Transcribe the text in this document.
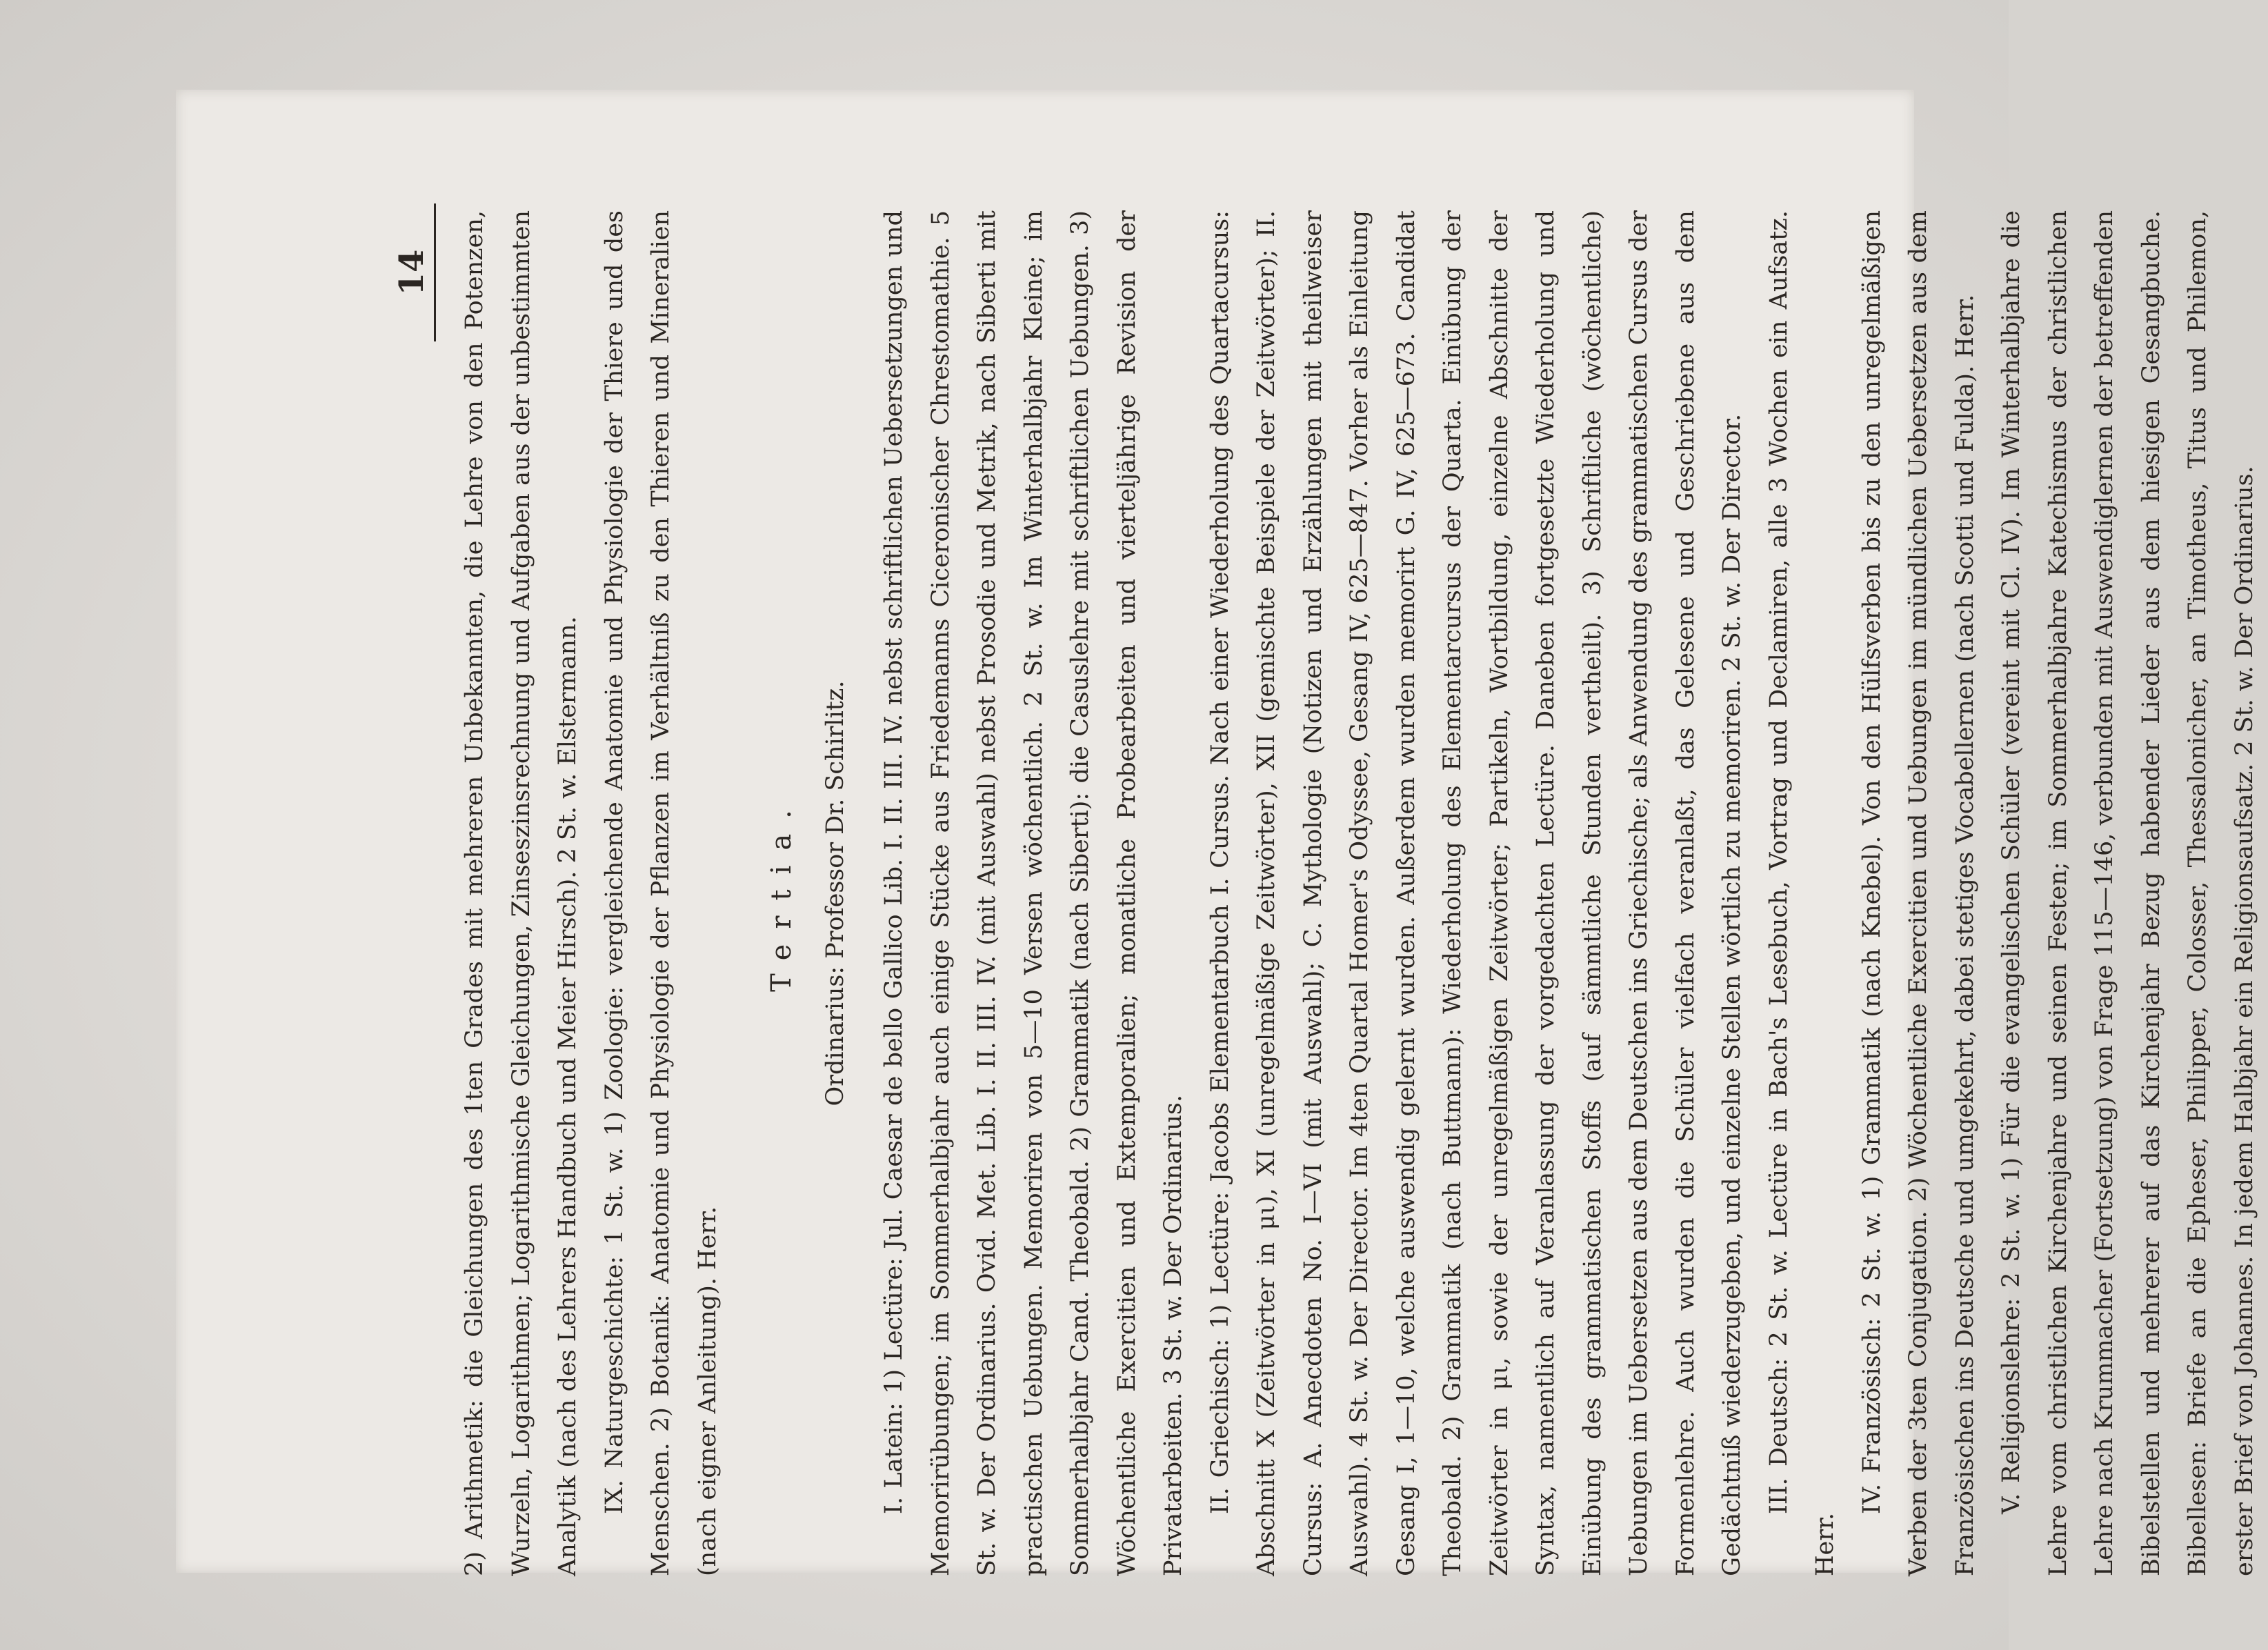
14	2) Arithmetik: die Gleichungen des 1ten Grades mit mehreren Unbekannten, die Lehre von den Potenzen, Wurzeln, Logarithmen; Logarithmische Gleichungen, Zinseszinsrechnung und Aufgaben aus der unbestimmten Analytik (nach des Lehrers Handbuch und Meier Hirsch). 2 St. w. Elstermann. IX. Naturgeschichte: 1 St. w. 1) Zoologie: vergleichende Anatomie und Physiologie der Thiere und des Menschen. 2) Botanik: Anatomie und Physiologie der Pflanzen im Verhältniß zu den Thieren und Mineralien (nach eigner Anleitung). Herr.

Tertia. Ordinarius: Professor Dr. Schirlitz.	I. Latein: 1) Lectüre: Jul. Caesar de bello Gallico Lib. I. II. III. IV. nebst schriftlichen Uebersetzungen und Memorirübungen; im Sommerhalbjahr auch einige Stücke aus Friedemanns Ciceronischer Chrestomathie. 5 St. w. Der Ordinarius. Ovid. Met. Lib. I. II. III. IV. (mit Auswahl) nebst Prosodie und Metrik, nach Siberti mit practischen Uebungen. Memoriren von 5—10 Versen wöchentlich. 2 St. w. Im Winterhalbjahr Kleine; im Sommerhalbjahr Cand. Theobald. 2) Grammatik (nach Siberti): die Casuslehre mit schriftlichen Uebungen. 3) Wöchentliche Exercitien und Extemporalien; monatliche Probearbeiten und vierteljährige Revision der Privatarbeiten. 3 St. w. Der Ordinarius. II. Griechisch: 1) Lectüre: Jacobs Elementarbuch I. Cursus. Nach einer Wiederholung des Quartacursus: Abschnitt X (Zeitwörter in μι), XI (unregelmäßige Zeitwörter), XII (gemischte Beispiele der Zeitwörter); II. Cursus: A. Anecdoten No. I—VI (mit Auswahl); C. Mythologie (Notizen und Erzählungen mit theilweiser Auswahl). 4 St. w. Der Director. Im 4ten Quartal Homer's Odyssee, Gesang IV, 625—847. Vorher als Einleitung Gesang I, 1—10, welche auswendig gelernt wurden. Außerdem wurden memorirt G. IV, 625—673. Candidat Theobald. 2) Grammatik (nach Buttmann): Wiederholung des Elementarcursus der Quarta. Einübung der Zeitwörter in μι, sowie der unregelmäßigen Zeitwörter; Partikeln, Wortbildung, einzelne Abschnitte der Syntax, namentlich auf Veranlassung der vorgedachten Lectüre. Daneben fortgesetzte Wiederholung und Einübung des grammatischen Stoffs (auf sämmtliche Stunden vertheilt). 3) Schriftliche (wöchentliche) Uebungen im Uebersetzen aus dem Deutschen ins Griechische; als Anwendung des grammatischen Cursus der Formenlehre. Auch wurden die Schüler vielfach veranlaßt, das Gelesene und Geschriebene aus dem Gedächtniß wiederzugeben, und einzelne Stellen wörtlich zu memoriren. 2 St. w. Der Director. III. Deutsch: 2 St. w. Lectüre in Bach's Lesebuch, Vortrag und Declamiren, alle 3 Wochen ein Aufsatz. Herr.

IV. Französisch: 2 St. w. 1) Grammatik (nach Knebel). Von den Hülfsverben bis zu den unregelmäßigen Verben der 3ten Conjugation. 2) Wöchentliche Exercitien und Uebungen im mündlichen Uebersetzen aus dem Französischen ins Deutsche und umgekehrt, dabei stetiges Vocabellernen (nach Scotti und Fulda). Herr. V. Religionslehre: 2 St. w. 1) Für die evangelischen Schüler (vereint mit Cl. IV). Im Winterhalbjahre die Lehre vom christlichen Kirchenjahre und seinen Festen; im Sommerhalbjahre Katechismus der christlichen Lehre nach Krummacher (Fortsetzung) von Frage 115—146, verbunden mit Auswendiglernen der betreffenden Bibelstellen und mehrerer auf das Kirchenjahr Bezug habender Lieder aus dem hiesigen Gesangbuche. Bibellesen: Briefe an die Epheser, Philipper, Colosser, Thessalonicher, an Timotheus, Titus und Philemon, erster Brief von Johannes. In jedem Halbjahr ein Religionsaufsatz. 2 St. w. Der Ordinarius.
